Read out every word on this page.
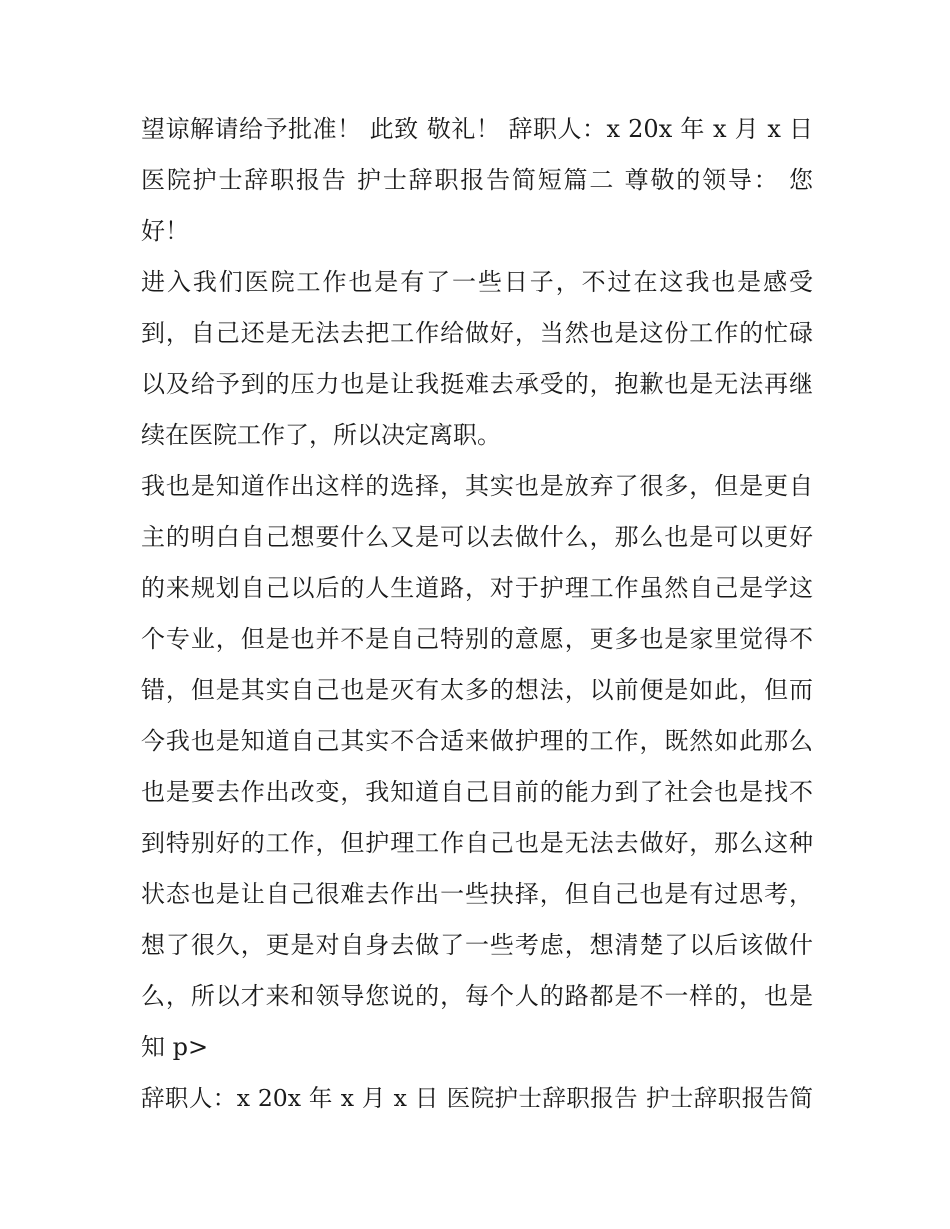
望谅解请给予批准！ 此致 敬礼！ 辞职人：x 20x 年 x 月 x 日
医院护士辞职报告 护士辞职报告简短篇二 尊敬的领导： 您
好！
进入我们医院工作也是有了一些日子，不过在这我也是感受
到，自己还是无法去把工作给做好，当然也是这份工作的忙碌
以及给予到的压力也是让我挺难去承受的，抱歉也是无法再继
续在医院工作了，所以决定离职。
我也是知道作出这样的选择，其实也是放弃了很多，但是更自
主的明白自己想要什么又是可以去做什么，那么也是可以更好
的来规划自己以后的人生道路，对于护理工作虽然自己是学这
个专业，但是也并不是自己特别的意愿，更多也是家里觉得不
错，但是其实自己也是灭有太多的想法，以前便是如此，但而
今我也是知道自己其实不合适来做护理的工作，既然如此那么
也是要去作出改变，我知道自己目前的能力到了社会也是找不
到特别好的工作，但护理工作自己也是无法去做好，那么这种
状态也是让自己很难去作出一些抉择，但自己也是有过思考，
想了很久，更是对自身去做了一些考虑，想清楚了以后该做什
么，所以才来和领导您说的，每个人的路都是不一样的，也是
知 p>
辞职人：x 20x 年 x 月 x 日 医院护士辞职报告 护士辞职报告简
